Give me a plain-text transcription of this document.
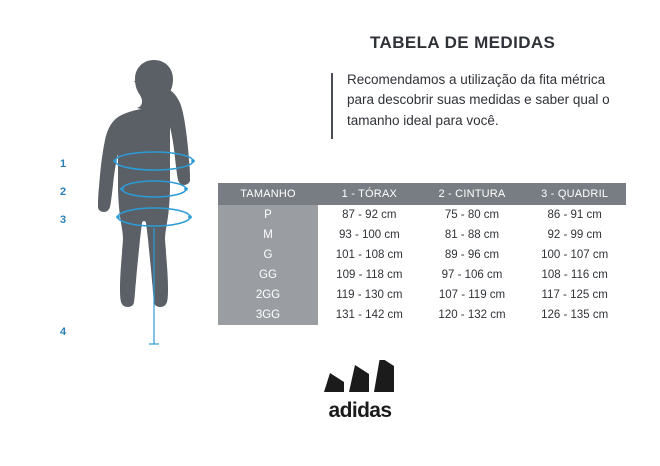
1
2
3
4
TABELA DE MEDIDAS
Recomendamos a utilização da fita métrica para descobrir suas medidas e saber qual o tamanho ideal para você.
TAMANHO	1 - TÓRAX	2 - CINTURA	3 - QUADRIL
P	87 - 92 cm	75 - 80 cm	86 - 91 cm
M	93 - 100 cm	81 - 88 cm	92 - 99 cm
G	101 - 108 cm	89 - 96 cm	100 - 107 cm
GG	109 - 118 cm	97 - 106 cm	108 - 116 cm
2GG	119 - 130 cm	107 - 119 cm	117 - 125 cm
3GG	131 - 142 cm	120 - 132 cm	126 - 135 cm
adidas
